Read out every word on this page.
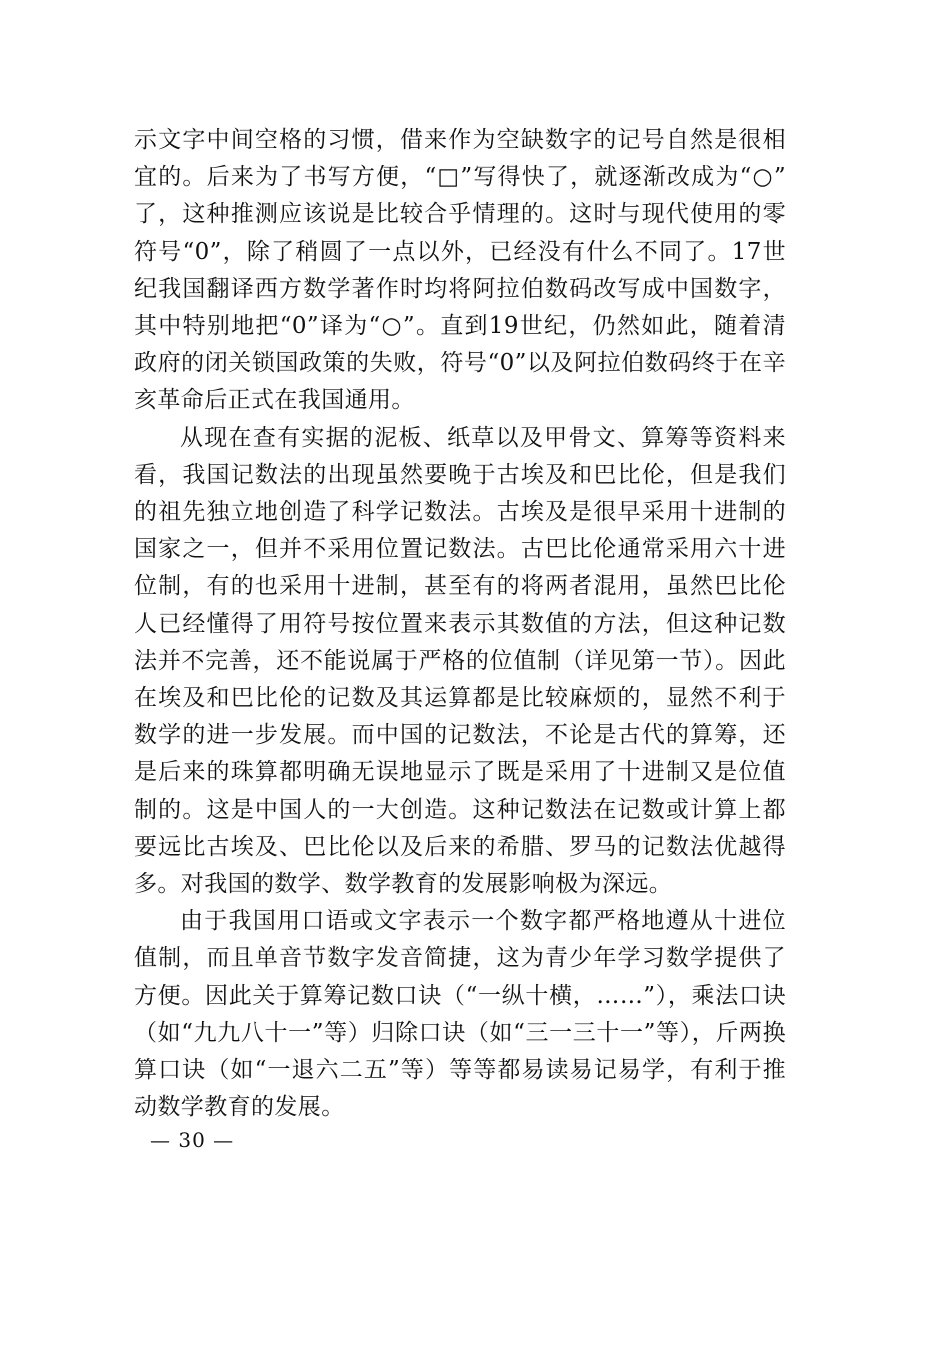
示文字中间空格的习惯，借来作为空缺数字的记号自然是很相宜的。后来为了书写方便，“□”写得快了，就逐渐改成为“○”了，这种推测应该说是比较合乎情理的。这时与现代使用的零符号“0”，除了稍圆了一点以外，已经没有什么不同了。17世纪我国翻译西方数学著作时均将阿拉伯数码改写成中国数字，其中特别地把“0”译为“○”。直到19世纪，仍然如此，随着清政府的闭关锁国政策的失败，符号“0”以及阿拉伯数码终于在辛亥革命后正式在我国通用。

从现在查有实据的泥板、纸草以及甲骨文、算筹等资料来看，我国记数法的出现虽然要晚于古埃及和巴比伦，但是我们的祖先独立地创造了科学记数法。古埃及是很早采用十进制的国家之一，但并不采用位置记数法。古巴比伦通常采用六十进位制，有的也采用十进制，甚至有的将两者混用，虽然巴比伦人已经懂得了用符号按位置来表示其数值的方法，但这种记数法并不完善，还不能说属于严格的位值制（详见第一节）。因此在埃及和巴比伦的记数及其运算都是比较麻烦的，显然不利于数学的进一步发展。而中国的记数法，不论是古代的算筹，还是后来的珠算都明确无误地显示了既是采用了十进制又是位值制的。这是中国人的一大创造。这种记数法在记数或计算上都要远比古埃及、巴比伦以及后来的希腊、罗马的记数法优越得多。对我国的数学、数学教育的发展影响极为深远。

由于我国用口语或文字表示一个数字都严格地遵从十进位值制，而且单音节数字发音简捷，这为青少年学习数学提供了方便。因此关于算筹记数口诀（“一纵十横，……”），乘法口诀（如“九九八十一”等）归除口诀（如“三一三十一”等），斤两换算口诀（如“一退六二五”等）等等都易读易记易学，有利于推动数学教育的发展。

— 30 —
